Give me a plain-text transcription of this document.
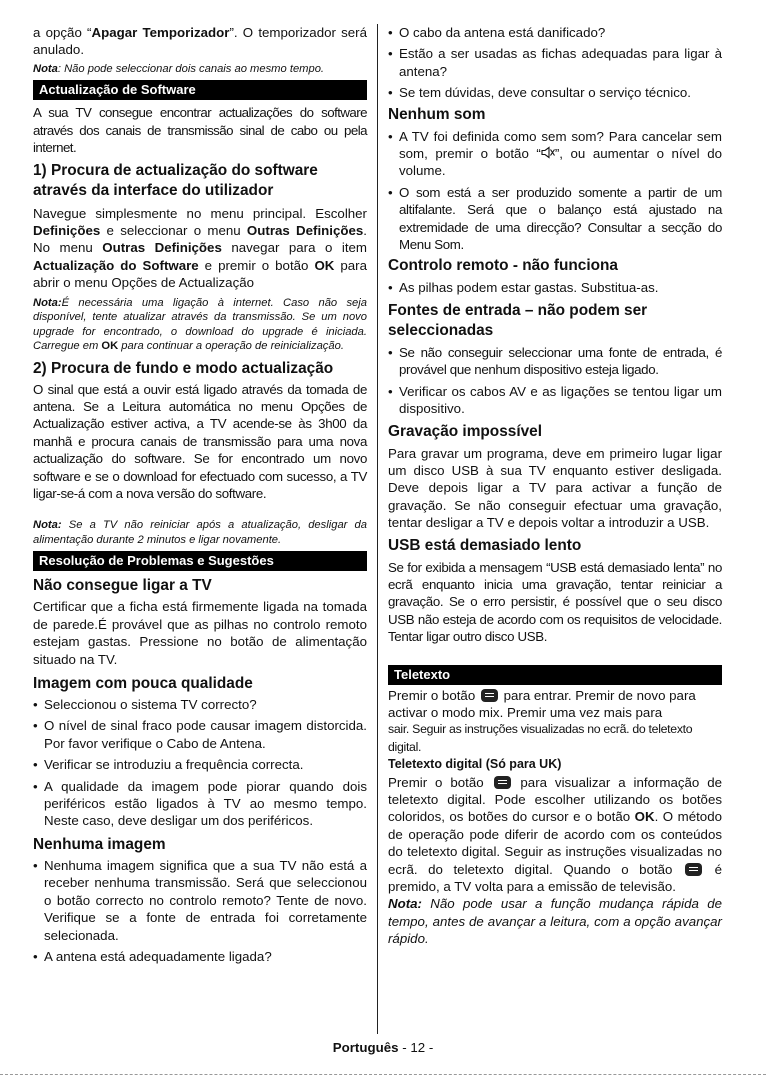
a opção “Apagar Temporizador”. O temporizador será anulado.

Nota: Não pode seleccionar dois canais ao mesmo tempo.

Actualização de Software

A sua TV consegue encontrar actualizações do software através dos canais de transmissão sinal de cabo ou pela internet.

1) Procura de actualização do software através da interface do utilizador

Navegue simplesmente no menu principal. Escolher Definições e seleccionar o menu Outras Definições. No menu Outras Definições navegar para o item Actualização do Software e premir o botão OK para abrir o menu Opções de Actualização

Nota:É necessária uma ligação à internet. Caso não seja disponível, tente atualizar através da transmissão. Se um novo upgrade for encontrado, o download do upgrade é iniciada. Carregue em OK para continuar a operação de reinicialização.

2) Procura de fundo e modo actualização

O sinal que está a ouvir está ligado através da tomada de antena. Se a Leitura automática no menu Opções de Actualização estiver activa, a TV acende-se às 3h00 da manhã e procura canais de transmissão para uma nova actualização do software. Se for encontrado um novo software e se o download for efectuado com sucesso, a TV ligar-se-á com a nova versão do software.

Nota: Se a TV não reiniciar após a atualização, desligar da alimentação durante 2 minutos e ligar novamente.

Resolução de Problemas e Sugestões
Não consegue ligar a TV

Certificar que a ficha está firmemente ligada na tomada de parede.É provável que as pilhas no controlo remoto estejam gastas. Pressione no botão de alimentação situado na TV.

Imagem com pouca qualidade
• Seleccionou o sistema TV correcto?
• O nível de sinal fraco pode causar imagem distorcida. Por favor verifique o Cabo de Antena.
• Verificar se introduziu a frequência correcta.
• A qualidade da imagem pode piorar quando dois periféricos estão ligados à TV ao mesmo tempo. Neste caso, deve desligar um dos periféricos.
Nenhuma imagem
• Nenhuma imagem significa que a sua TV não está a receber nenhuma transmissão. Será que seleccionou o botão correcto no controlo remoto? Tente de novo. Verifique se a fonte de entrada foi corretamente selecionada.
• A antena está adequadamente ligada?
• O cabo da antena está danificado?
• Estão a ser usadas as fichas adequadas para ligar à antena?
• Se tem dúvidas, deve consultar o serviço técnico.
Nenhum som
• A TV foi definida como sem som? Para cancelar sem som, premir o botão “ ”, ou aumentar o nível do volume.
• O som está a ser produzido somente a partir de um altifalante. Será que o balanço está ajustado na extremidade de uma direcção? Consultar a secção do Menu Som.
Controlo remoto - não funciona
• As pilhas podem estar gastas. Substitua-as.
Fontes de entrada – não podem ser seleccionadas
• Se não conseguir seleccionar uma fonte de entrada, é provável que nenhum dispositivo esteja ligado.
• Verificar os cabos AV e as ligações se tentou ligar um dispositivo.
Gravação impossível

Para gravar um programa, deve em primeiro lugar ligar um disco USB à sua TV enquanto estiver desligada. Deve depois ligar a TV para activar a função de gravação. Se não conseguir efectuar uma gravação, tentar desligar a TV e depois voltar a introduzir a USB.

USB está demasiado lento

Se for exibida a mensagem “USB está demasiado lenta” no ecrã enquanto inicia uma gravação, tentar reiniciar a gravação. Se o erro persistir, é possível que o seu disco USB não esteja de acordo com os requisitos de velocidade. Tentar ligar outro disco USB.

Teletexto

Premir o botão  para entrar. Premir de novo para activar o modo mix. Premir uma vez mais para

sair. Seguir as instruções visualizadas no ecrã. do teletexto digital.

Teletexto digital (Só para UK)

Premir o botão  para visualizar a informação de teletexto digital. Pode escolher utilizando os botões coloridos, os botões do cursor e o botão OK. O método de operação pode diferir de acordo com os conteúdos do teletexto digital. Seguir as instruções visualizadas no ecrã. do teletexto digital. Quando o botão  é premido, a TV volta para a emissão de televisão.

Nota: Não pode usar a função mudança rápida de tempo, antes de avançar a leitura, com a opção avançar rápido.

Português - 12 -
